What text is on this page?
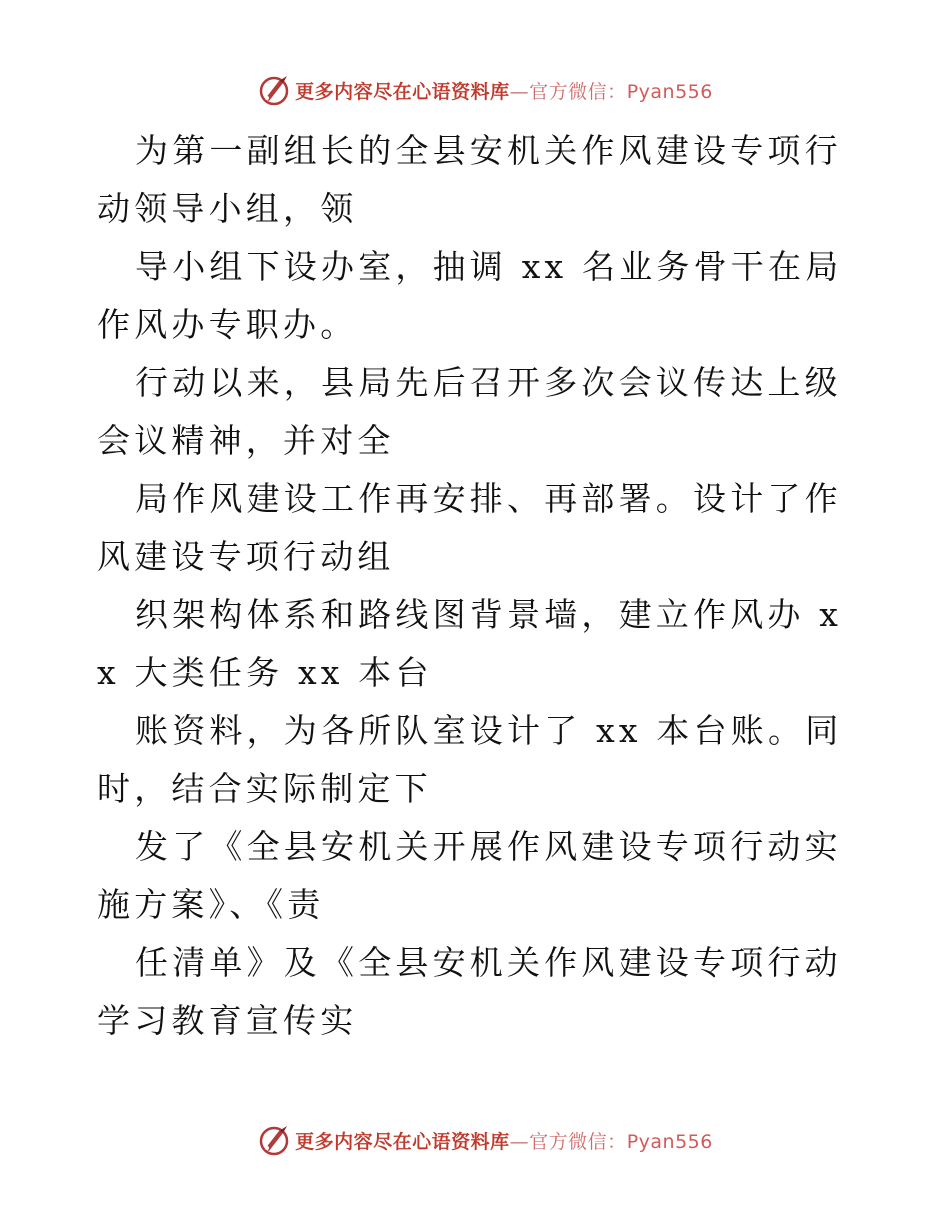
更多内容尽在心语资料库—官方微信：Pyan556

为第一副组长的全县安机关作风建设专项行动领导小组，领

导小组下设办室，抽调 xx 名业务骨干在局作风办专职办。

行动以来，县局先后召开多次会议传达上级会议精神，并对全

局作风建设工作再安排、再部署。设计了作风建设专项行动组

织架构体系和路线图背景墙，建立作风办 xx 大类任务 xx 本台

账资料，为各所队室设计了 xx 本台账。同时，结合实际制定下

发了《全县安机关开展作风建设专项行动实施方案》、《责

任清单》及《全县安机关作风建设专项行动学习教育宣传实

更多内容尽在心语资料库—官方微信：Pyan556
